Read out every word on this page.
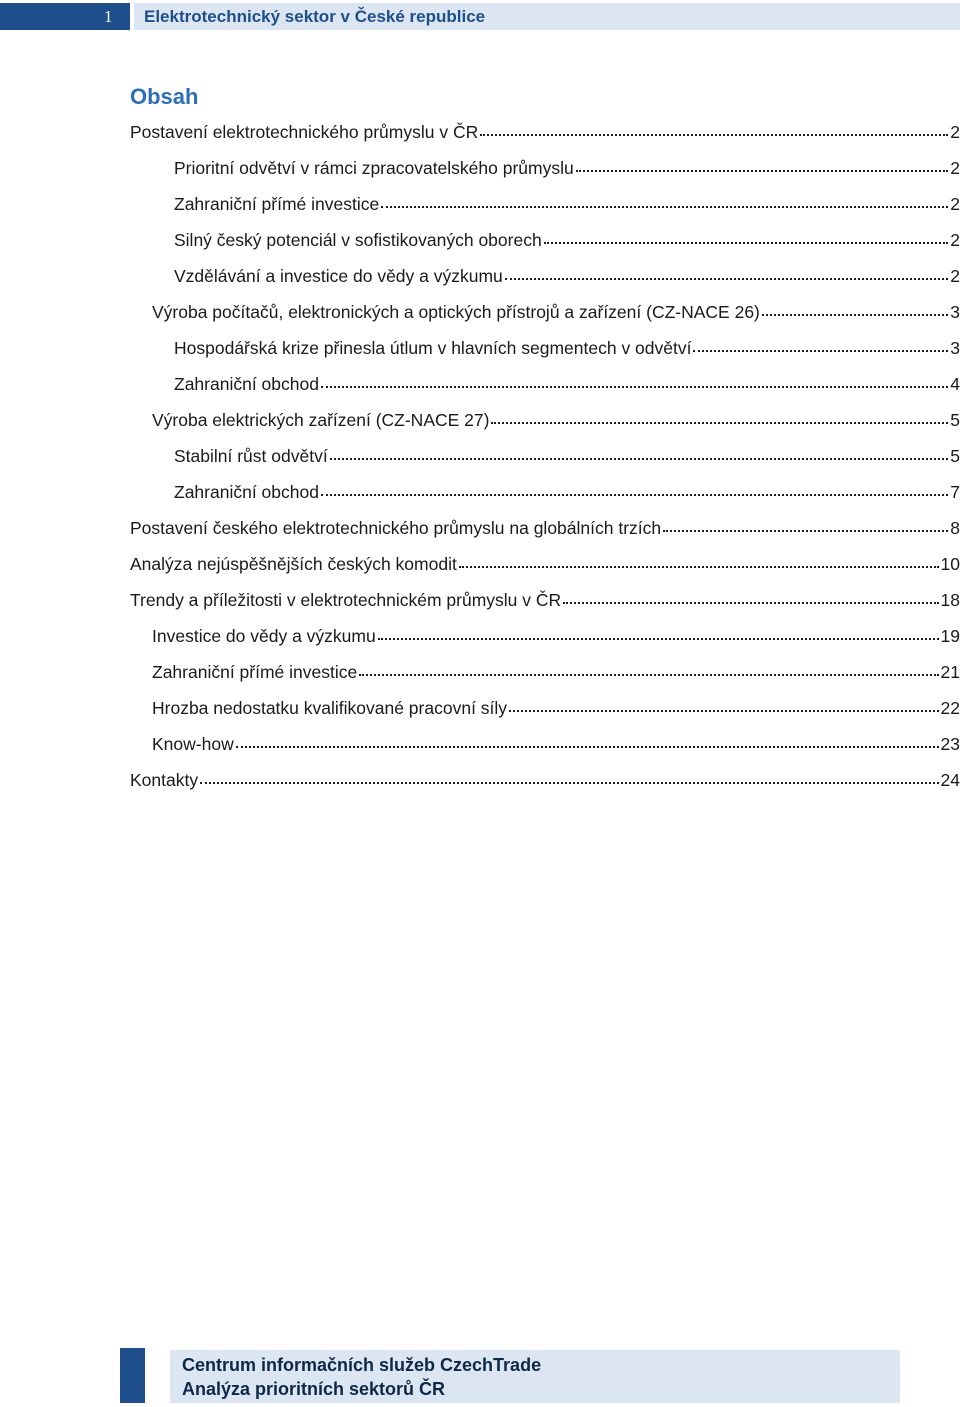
1	Elektrotechnický sektor v České republice
Obsah
Postavení elektrotechnického průmyslu v ČR	2
Prioritní odvětví v rámci zpracovatelského průmyslu	2
Zahraniční přímé investice	2
Silný český potenciál v sofistikovaných oborech	2
Vzdělávání a investice do vědy a výzkumu	2
Výroba počítačů, elektronických a optických přístrojů a zařízení (CZ-NACE 26)	3
Hospodářská krize přinesla útlum v hlavních segmentech v odvětví	3
Zahraniční obchod	4
Výroba elektrických zařízení (CZ-NACE 27)	5
Stabilní růst odvětví	5
Zahraniční obchod	7
Postavení českého elektrotechnického průmyslu na globálních trzích	8
Analýza nejúspěšnějších českých komodit	10
Trendy a příležitosti v elektrotechnickém průmyslu v ČR	18
Investice do vědy a výzkumu	19
Zahraniční přímé investice	21
Hrozba nedostatku kvalifikované pracovní síly	22
Know-how	23
Kontakty	24
Centrum informačních služeb CzechTrade
Analýza prioritních sektorů ČR
